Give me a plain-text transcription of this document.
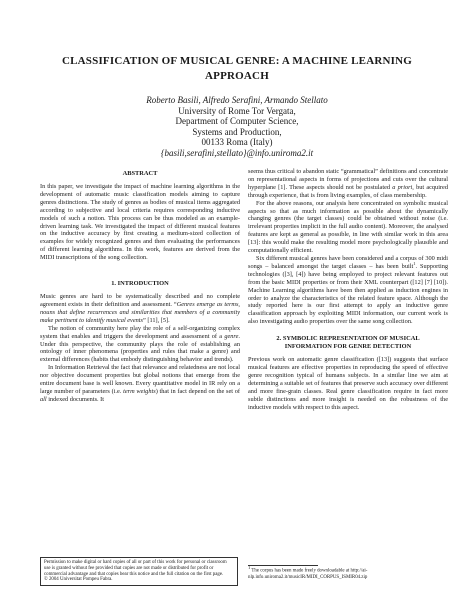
CLASSIFICATION OF MUSICAL GENRE: A MACHINE LEARNING
APPROACH
Roberto Basili, Alfredo Serafini, Armando Stellato
University of Rome Tor Vergata,
Department of Computer Science,
Systems and Production,
00133 Roma (Italy)
{basili,serafini,stellato}@info.uniroma2.it
ABSTRACT

In this paper, we investigate the impact of machine learning algorithms in the development of automatic music classification models aiming to capture genres distinctions. The study of genres as bodies of musical items aggregated according to subjective and local criteria requires corresponding inductive models of such a notion. This process can be thus modeled as an example-driven learning task. We investigated the impact of different musical features on the inductive accuracy by first creating a medium-sized collection of examples for widely recognized genres and then evaluating the performances of different learning algorithms. In this work, features are derived from the MIDI transcriptions of the song collection.

1. INTRODUCTION

Music genres are hard to be systematically described and no complete agreement exists in their definition and assessment. “Genres emerge as terms, nouns that define recurrences and similarities that members of a community make pertinent to identify musical events” [11], [5].

The notion of community here play the role of a self-organizing complex system that enables and triggers the development and assessment of a genre. Under this perspective, the community plays the role of establishing an ontology of inner phenomena (properties and rules that make a genre) and external differences (habits that embody distinguishing behavior and trends).

In Information Retrieval the fact that relevance and relatedness are not local nor objective document properties but global notions that emerge from the entire document base is well known. Every quantitative model in IR rely on a large number of parameters (i.e. term weights) that in fact depend on the set of all indexed documents. It

seems thus critical to abandon static “grammatical” definitions and concentrate on representational aspects in forms of projections and cuts over the cultural hyperplane [1]. These aspects should not be postulated a priori, but acquired through experience, that is from living examples, of class membership.

For the above reasons, our analysis here concentrated on symbolic musical aspects so that as much information as possible about the dynamically changing genres (the target classes) could be obtained without noise (i.e. irrelevant properties implicit in the full audio content). Moreover, the analysed features are kept as general as possible, in line with similar work in this area [13]: this would make the resulting model more psychologically plausible and computationally efficient.

Six different musical genres have been considered and a corpus of 300 midi songs – balanced amongst the target classes – has been built$^1$. Supporting technologies ([3], [4]) have being employed to project relevant features out from the basic MIDI properties or from their XML counterpart ([12] [7] [10]). Machine Learning algorithms have been then applied as induction engines in order to analyze the characteristics of the related feature space. Although the study reported here is our first attempt to apply an inductive genre classification approach by exploiting MIDI information, our current work is also investigating audio properties over the same song collection.

2. SYMBOLIC REPRESENTATION OF MUSICAL
INFORMATION FOR GENRE DETECTION

Previous work on automatic genre classification ([13]) suggests that surface musical features are effective properties in reproducing the speed of effective genre recognition typical of humans subjects. In a similar line we aim at determining a suitable set of features that preserve such accuracy over different and more fine-grain classes. Real genre classification require in fact more subtle distinctions and more insight is needed on the robustness of the inductive models with respect to this aspect.

Permission to make digital or hard copies of all or part of this work for personal or classroom use is granted without fee provided that copies are not made or distributed for profit or commercial advantage and that copies bear this notice and the full citation on the first page.
© 2004 Universitat Pompeu Fabra.
1 The corpus has been made freely downloadable at http://ai-nlp.info.uniroma2.it/musicIR/MIDI_CORPUS_ISMIR04.zip
